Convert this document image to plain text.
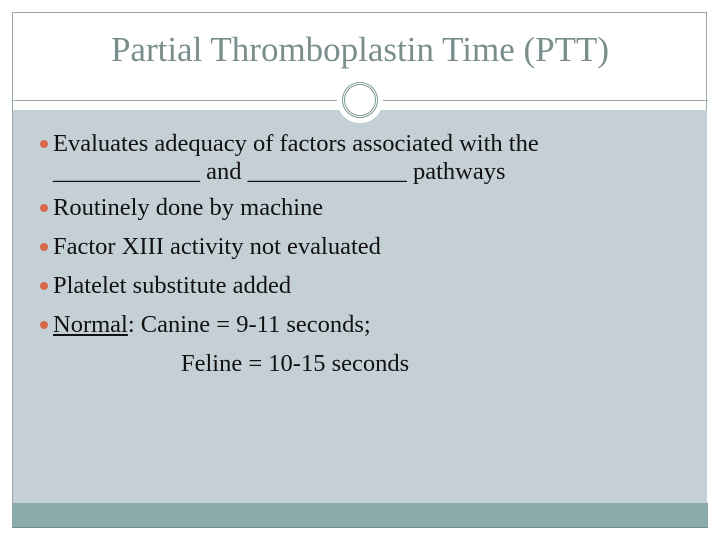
Partial Thromboplastin Time (PTT)
Evaluates adequacy of factors associated with the
____________ and _____________ pathways
Routinely done by machine
Factor XIII activity not evaluated
Platelet substitute added
Normal: Canine = 9-11 seconds;
Feline = 10-15 seconds
